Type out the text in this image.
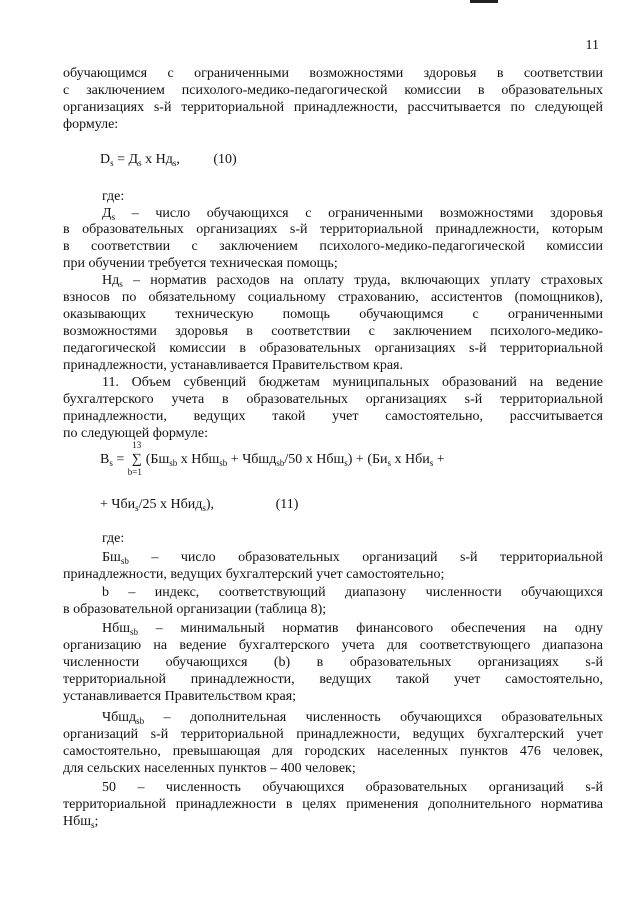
11
обучающимся с ограниченными возможностями здоровья в соответствии
с заключением психолого-медико-педагогической комиссии в образовательных
организациях s-й территориальной принадлежности, рассчитывается по следующей
формуле:
$D_s = Д_s$ х $Нд_s$, (10)
где:
$Д_s$ – число обучающихся с ограниченными возможностями здоровья
в образовательных организациях s-й территориальной принадлежности, которым
в соответствии с заключением психолого-медико-педагогической комиссии
при обучении требуется техническая помощь;
$Нд_s$ – норматив расходов на оплату труда, включающих уплату страховых
взносов по обязательному социальному страхованию, ассистентов (помощников),
оказывающих техническую помощь обучающимся с ограниченными
возможностями здоровья в соответствии с заключением психолого-медико-
педагогической комиссии в образовательных организациях s-й территориальной
принадлежности, устанавливается Правительством края.
11. Объем субвенций бюджетам муниципальных образований на ведение
бухгалтерского учета в образовательных организациях s-й территориальной
принадлежности, ведущих такой учет самостоятельно, рассчитывается
по следующей формуле:
$B_s$ =
13
∑
b=1
($Бш_{sb}$ х Нбш$_{sb}$ + Чбшд$_{sb}$/50 х $Нбш_s) + (Би_s$ х Нби$_s$ +
+ Чби$_s$/25 х Нбид$_s$),	(11)
где:
$Бш_{sb}$ – число образовательных организаций s-й территориальной
принадлежности, ведущих бухгалтерский учет самостоятельно;
b – индекс, соответствующий диапазону численности обучающихся
в образовательной организации (таблица 8);
Нбш$_{sb}$ – минимальный норматив финансового обеспечения на одну
организацию на ведение бухгалтерского учета для соответствующего диапазона
численности обучающихся (b) в образовательных организациях s-й
территориальной принадлежности, ведущих такой учет самостоятельно,
устанавливается Правительством края;
Чбшд$_{sb}$ – дополнительная численность обучающихся образовательных
организаций s-й территориальной принадлежности, ведущих бухгалтерский учет
самостоятельно, превышающая для городских населенных пунктов 476 человек,
для сельских населенных пунктов – 400 человек;
50 – численность обучающихся образовательных организаций s-й
территориальной принадлежности в целях применения дополнительного норматива
Нбш$_s$;
